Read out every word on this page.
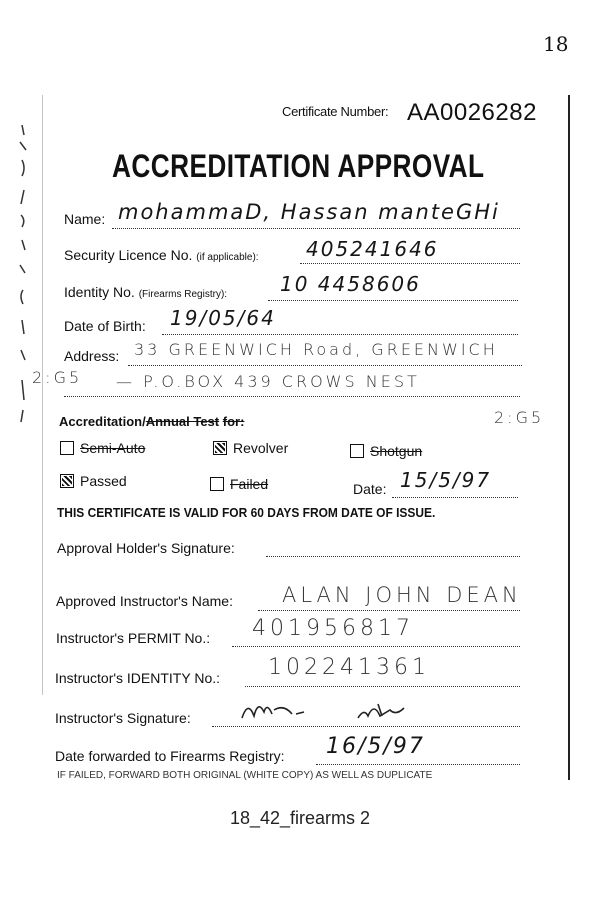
18
Certificate Number: AA0026282
ACCREDITATION APPROVAL
Name: mohammaD, Hassan manteGHi
Security Licence No. (if applicable): 405241646
Identity No. (Firearms Registry):	10 4458606
Date of Birth: 19/05/64
Address: 33 GREENWICH Road, GREENWICH
2:G5 — P.O.BOX 439 CROWS NEST
2:G5
Accreditation/Annual Test for:
Semi-Auto	Revolver	Shotgun
Passed	Failed	Date: 15/5/97
THIS CERTIFICATE IS VALID FOR 60 DAYS FROM DATE OF ISSUE.
Approval Holder's Signature:
Approved Instructor's Name: ALAN JOHN DEAN
Instructor's PERMIT No.: 401956817
Instructor's IDENTITY No.: 102241361
Instructor's Signature:
Date forwarded to Firearms Registry: 16/5/97
IF FAILED, FORWARD BOTH ORIGINAL (WHITE COPY) AS WELL AS DUPLICATE
18_42_firearms 2
